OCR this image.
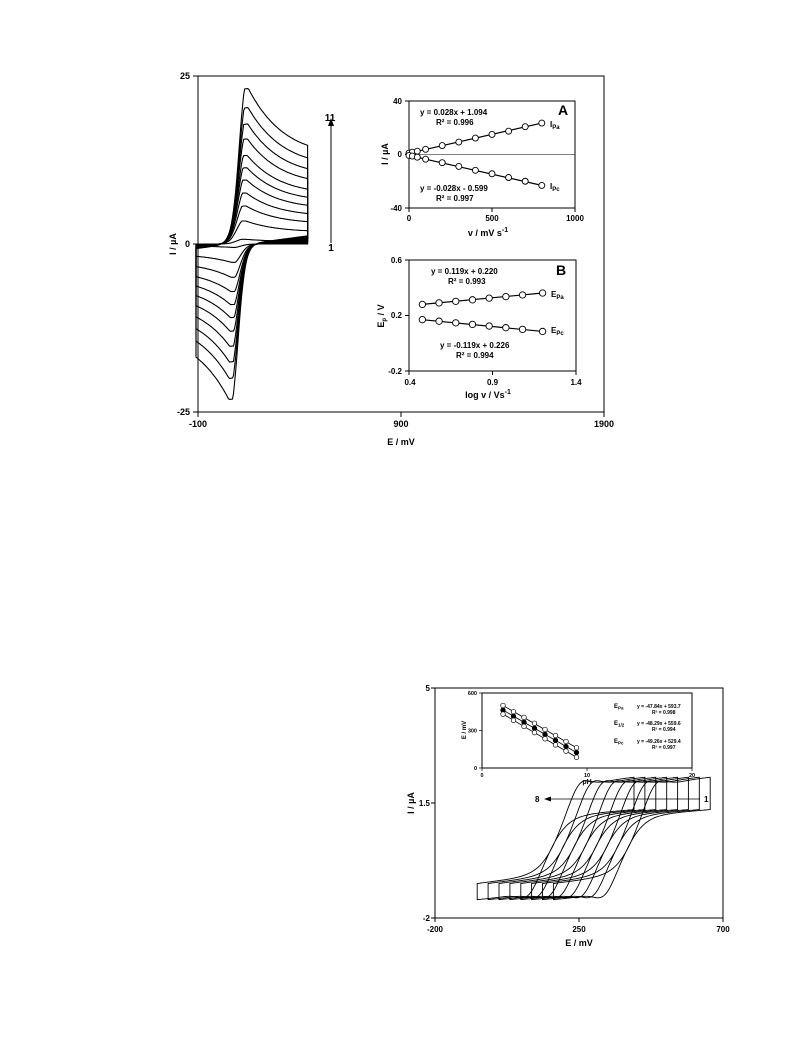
25
0
-25
-100	900	1900
E / mV
I / µA
11
1
40
0
-40
0	500	1000
v / mV $s^{-1}$
I / µA
A
y = 0.028x + 1.094
R² = 0.996
y = -0.028x - 0.599
R² = 0.997
$I_{Pa}$
$I_{Pc}$
0.6
0.2
-0.2
0.4	0.9	1.4
log v / $Vs^{-1}$
$E_p$ / V
B
y = 0.119x + 0.220
R² = 0.993
y = -0.119x + 0.226
R² = 0.994
$E_{Pa}$
$E_{Pc}$
5
1.5
-2
-200	250	700
E / mV
I / µA	1
8
600
300
0
0	10	20
pH
E / mV
$E_{Pa}$	y = -47.84x + 593.7
R² = 0.998
$E_{1/2}$	y = -48.29x + 559.6
R² = 0.994
$E_{Pc}$	y = -49.26x + 529.4
R² = 0.997
